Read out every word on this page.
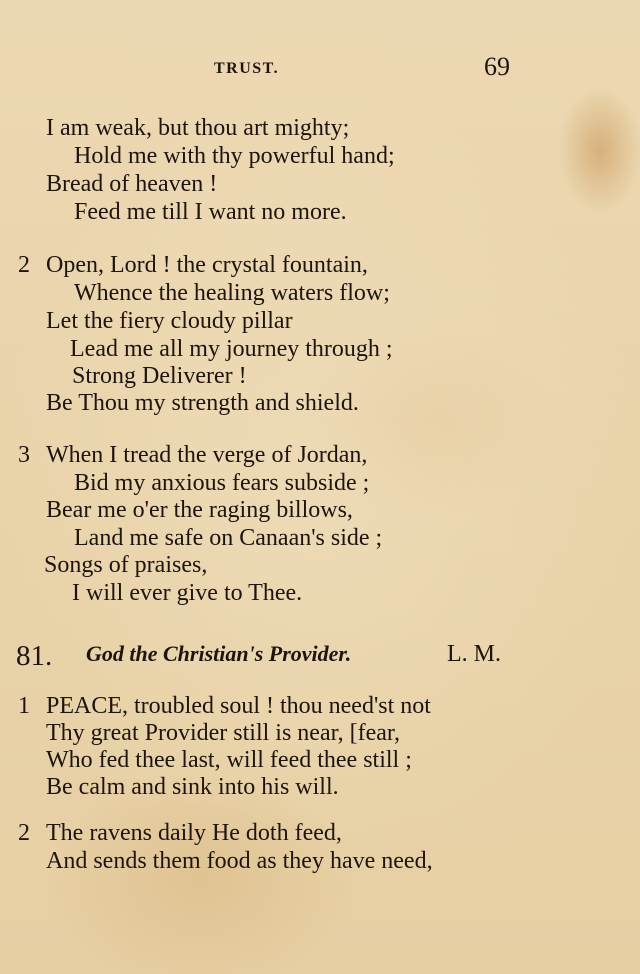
TRUST.	69
I am weak, but thou art mighty;
Hold me with thy powerful hand;
Bread of heaven !
Feed me till I want no more.
2 Open, Lord ! the crystal fountain,
Whence the healing waters flow;
Let the fiery cloudy pillar
Lead me all my journey through ;
Strong Deliverer !
Be Thou my strength and shield.
3 When I tread the verge of Jordan,
Bid my anxious fears subside ;
Bear me o'er the raging billows,
Land me safe on Canaan's side ;
Songs of praises,
I will ever give to Thee.
81. God the Christian's Provider.	L. M.
1 PEACE, troubled soul ! thou need'st not
Thy great Provider still is near, [fear,
Who fed thee last, will feed thee still ;
Be calm and sink into his will.
2 The ravens daily He doth feed,
And sends them food as they have need,
